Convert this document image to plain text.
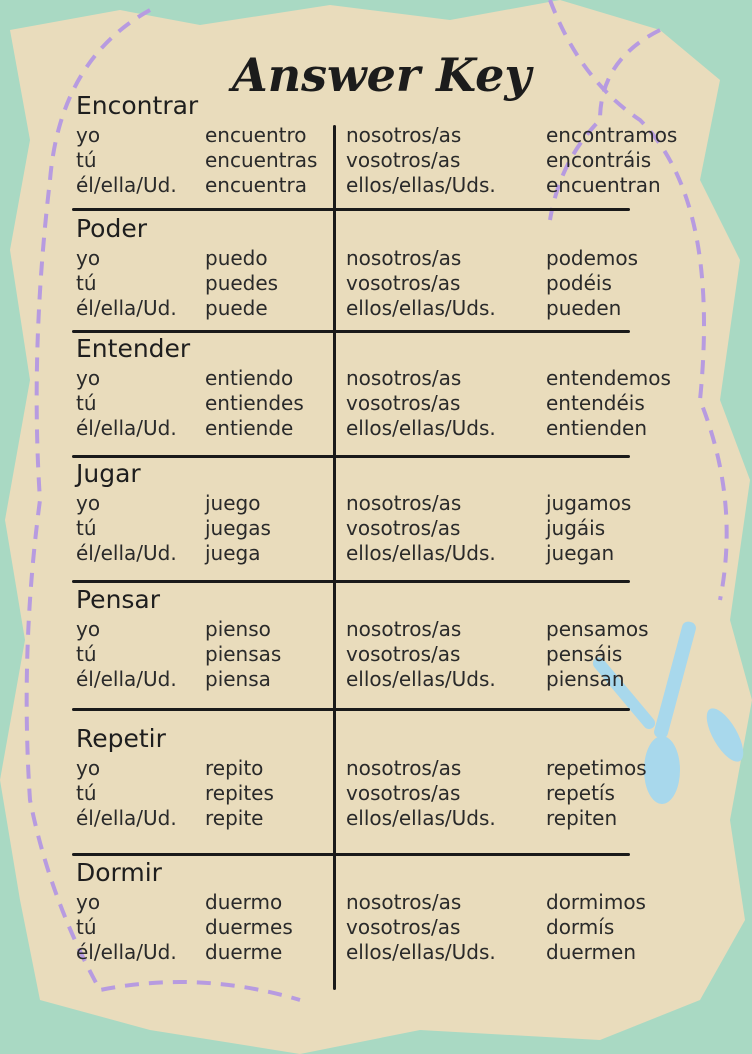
Answer Key
Encontrar
yo	encuentro nosotros/as	encontramos
tú	encuentras vosotros/as	encontráis
él/ella/Ud. encuentra ellos/ellas/Uds.	encuentran
Poder
yo	puedo	nosotros/as	podemos
tú	puedes	vosotros/as	podéis
él/ella/Ud. puede	ellos/ellas/Uds.	pueden
Entender
yo	entiendo	nosotros/as	entendemos
tú	entiendes vosotros/as	entendéis
él/ella/Ud. entiende	ellos/ellas/Uds.	entienden
Jugar
yo	juego	nosotros/as	jugamos
tú	juegas	vosotros/as	jugáis
él/ella/Ud. juega	ellos/ellas/Uds.	juegan
Pensar
yo	pienso	nosotros/as	pensamos
tú	piensas	vosotros/as	pensáis
él/ella/Ud. piensa	ellos/ellas/Uds.	piensan
Repetir
yo	repito	nosotros/as	repetimos
tú	repites	vosotros/as	repetís
él/ella/Ud. repite	ellos/ellas/Uds.	repiten
Dormir
yo	duermo	nosotros/as	dormimos
tú	duermes	vosotros/as	dormís
él/ella/Ud. duerme	ellos/ellas/Uds.	duermen
